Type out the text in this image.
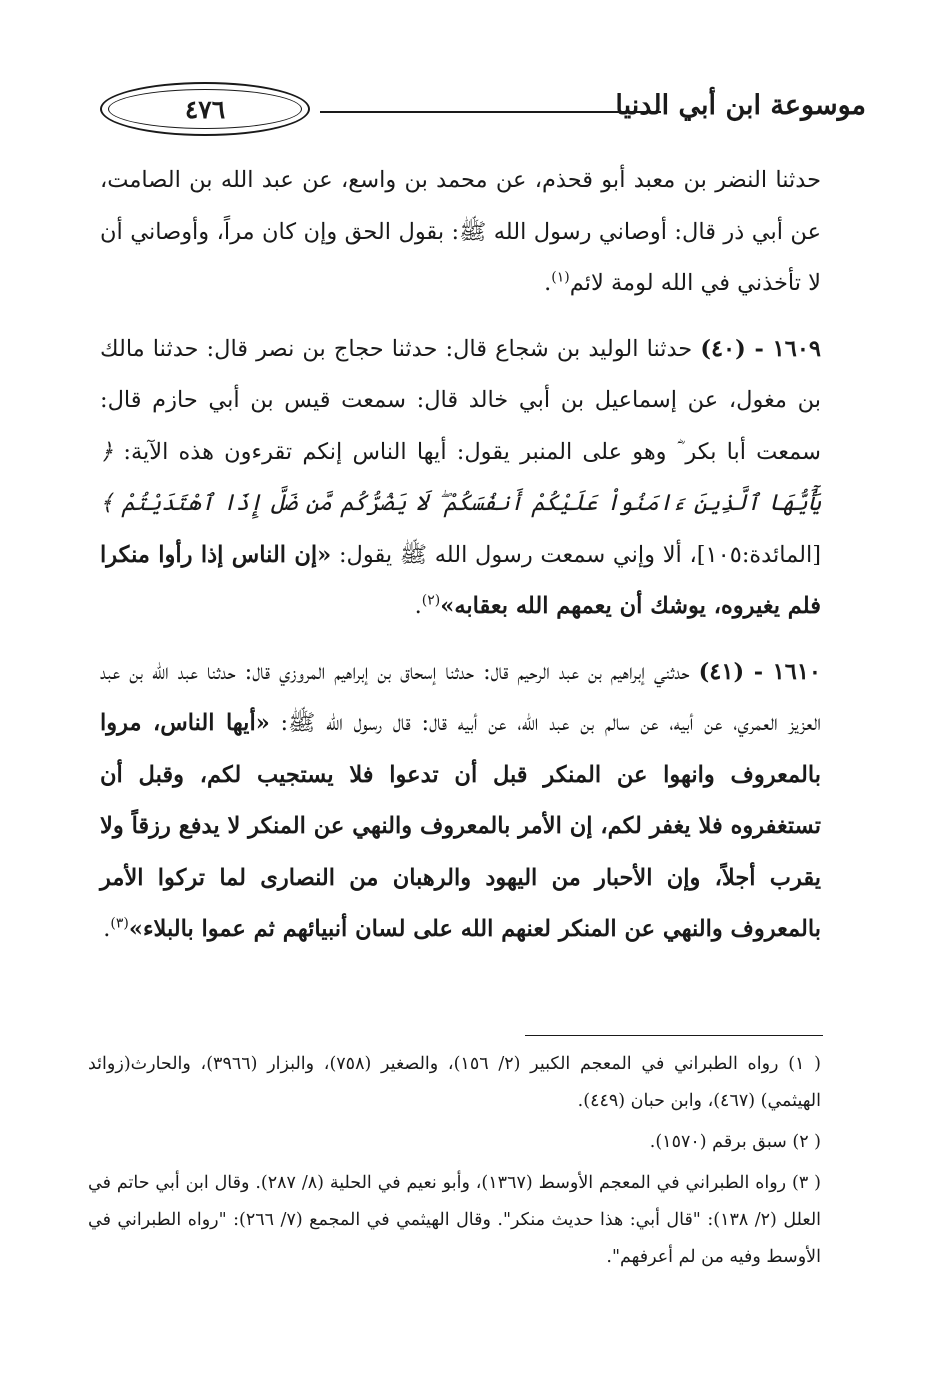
موسوعة ابن أبي الدنيا
٤٧٦

حدثنا النضر بن معبد أبو قحذم، عن محمد بن واسع، عن عبد الله بن الصامت، عن أبي ذر قال: أوصاني رسول الله ﷺ: بقول الحق وإن كان مراً، وأوصاني أن لا تأخذني في الله لومة لائم$^{(١)}$.

١٦٠٩ - (٤٠) حدثنا الوليد بن شجاع قال: حدثنا حجاج بن نصر قال: حدثنا مالك بن مغول، عن إسماعيل بن أبي خالد قال: سمعت قيس بن أبي حازم قال: سمعت أبا بكر ؓ وهو على المنبر يقول: أيها الناس إنكم تقرءون هذه الآية: ﴿ يَٰٓأَيُّهَا ٱلَّذِينَ ءَامَنُواْ عَلَيْكُمْ أَنفُسَكُمْ ۖ لَا يَضُرُّكُم مَّن ضَلَّ إِذَا ٱهْتَدَيْتُمْ ﴾ [المائدة:١٠٥]، ألا وإني سمعت رسول الله ﷺ يقول: «إن الناس إذا رأوا منكرا فلم يغيروه، يوشك أن يعمهم الله بعقابه»$^{(٢)}$.

١٦١٠ - (٤١) حدثني إبراهيم بن عبد الرحيم قال: حدثنا إسحاق بن إبراهيم المروزي قال: حدثنا عبد الله بن عبد العزيز العمري، عن أبيه، عن سالم بن عبد الله، عن أبيه قال: قال رسول الله ﷺ: «أيها الناس، مروا بالمعروف وانهوا عن المنكر قبل أن تدعوا فلا يستجيب لكم، وقبل أن تستغفروه فلا يغفر لكم، إن الأمر بالمعروف والنهي عن المنكر لا يدفع رزقاً ولا يقرب أجلاً، وإن الأحبار من اليهود والرهبان من النصارى لما تركوا الأمر بالمعروف والنهي عن المنكر لعنهم الله على لسان أنبيائهم ثم عموا بالبلاء»$^{(٣)}$.

( ١) رواه الطبراني في المعجم الكبير (٢/ ١٥٦)، والصغير (٧٥٨)، والبزار (٣٩٦٦)، والحارث(زوائد الهيثمي) (٤٦٧)، وابن حبان (٤٤٩).

( ٢) سبق برقم (١٥٧٠).

( ٣) رواه الطبراني في المعجم الأوسط (١٣٦٧)، وأبو نعيم في الحلية (٨/ ٢٨٧). وقال ابن أبي حاتم في العلل (٢/ ١٣٨): "قال أبي: هذا حديث منكر". وقال الهيثمي في المجمع (٧/ ٢٦٦): "رواه الطبراني في الأوسط وفيه من لم أعرفهم".
